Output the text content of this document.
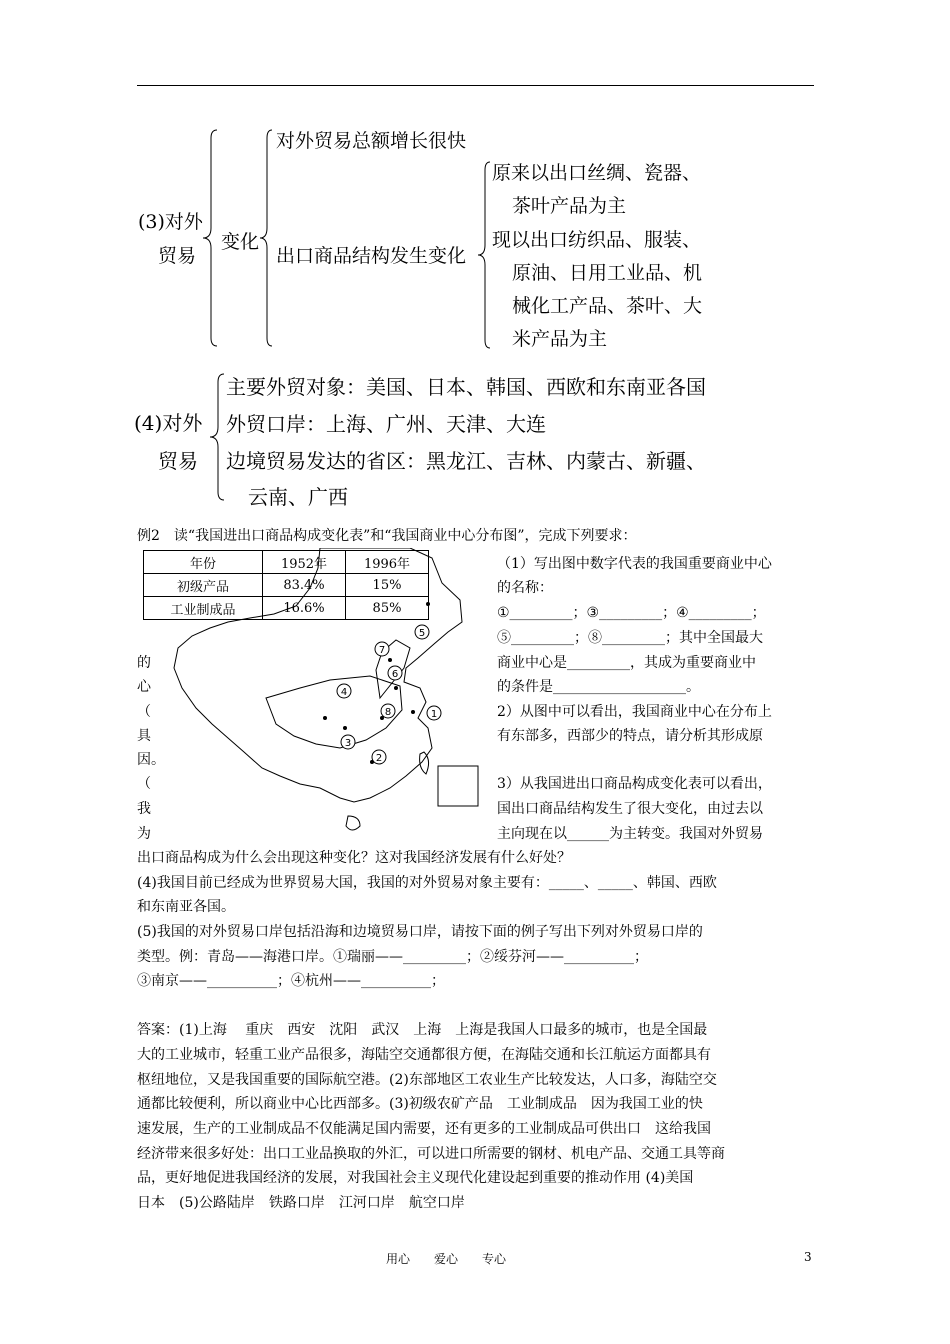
(3)对外
贸易
变化
对外贸易总额增长很快
出口商品结构发生变化
原来以出口丝绸、瓷器、
茶叶产品为主
现以出口纺织品、服装、
原油、日用工业品、机
械化工产品、茶叶、大
米产品为主
(4)对外
贸易
主要外贸对象：美国、日本、韩国、西欧和东南亚各国
外贸口岸：上海、广州、天津、大连
边境贸易发达的省区：黑龙江、吉林、内蒙古、新疆、
云南、广西
例2　读“我国进出口商品构成变化表”和“我国商业中心分布图”，完成下列要求：
1
2
3
4
5
6
7
8
年份	1952年	1996年
初级产品	83.4%	15%
工业制成品	16.6%	85%
（1）写出图中数字代表的我国重要商业中心
的名称：
①_________；③_________；④_________；
⑤_________；⑧_________；其中全国最大
商业中心是_________，其成为重要商业中
的条件是___________________。
2）从图中可以看出，我国商业中心在分布上
有东部多，西部少的特点，请分析其形成原
3）从我国进出口商品构成变化表可以看出，
国出口商品结构发生了很大变化，由过去以
主向现在以______为主转变。我国对外贸易
的
心
（
具
因。
（
我
为
出口商品构成为什么会出现这种变化？这对我国经济发展有什么好处？
(4)我国目前已经成为世界贸易大国，我国的对外贸易对象主要有：_____、_____、韩国、西欧
和东南亚各国。
(5)我国的对外贸易口岸包括沿海和边境贸易口岸，请按下面的例子写出下列对外贸易口岸的
类型。例：青岛——海港口岸。①瑞丽——_________；②绥芬河——__________；
③南京——__________；④杭州——__________；
答案：(1)上海　 重庆　西安　沈阳　武汉　上海　上海是我国人口最多的城市，也是全国最
大的工业城市，轻重工业产品很多，海陆空交通都很方便，在海陆交通和长江航运方面都具有
枢纽地位，又是我国重要的国际航空港。(2)东部地区工农业生产比较发达，人口多，海陆空交
通都比较便利，所以商业中心比西部多。(3)初级农矿产品　工业制成品　因为我国工业的快
速发展，生产的工业制成品不仅能满足国内需要，还有更多的工业制成品可供出口　这给我国
经济带来很多好处：出口工业品换取的外汇，可以进口所需要的钢材、机电产品、交通工具等商
品，更好地促进我国经济的发展，对我国社会主义现代化建设起到重要的推动作用 (4)美国
日本　(5)公路陆岸　铁路口岸　江河口岸　航空口岸
用心　　爱心　　专心	3
